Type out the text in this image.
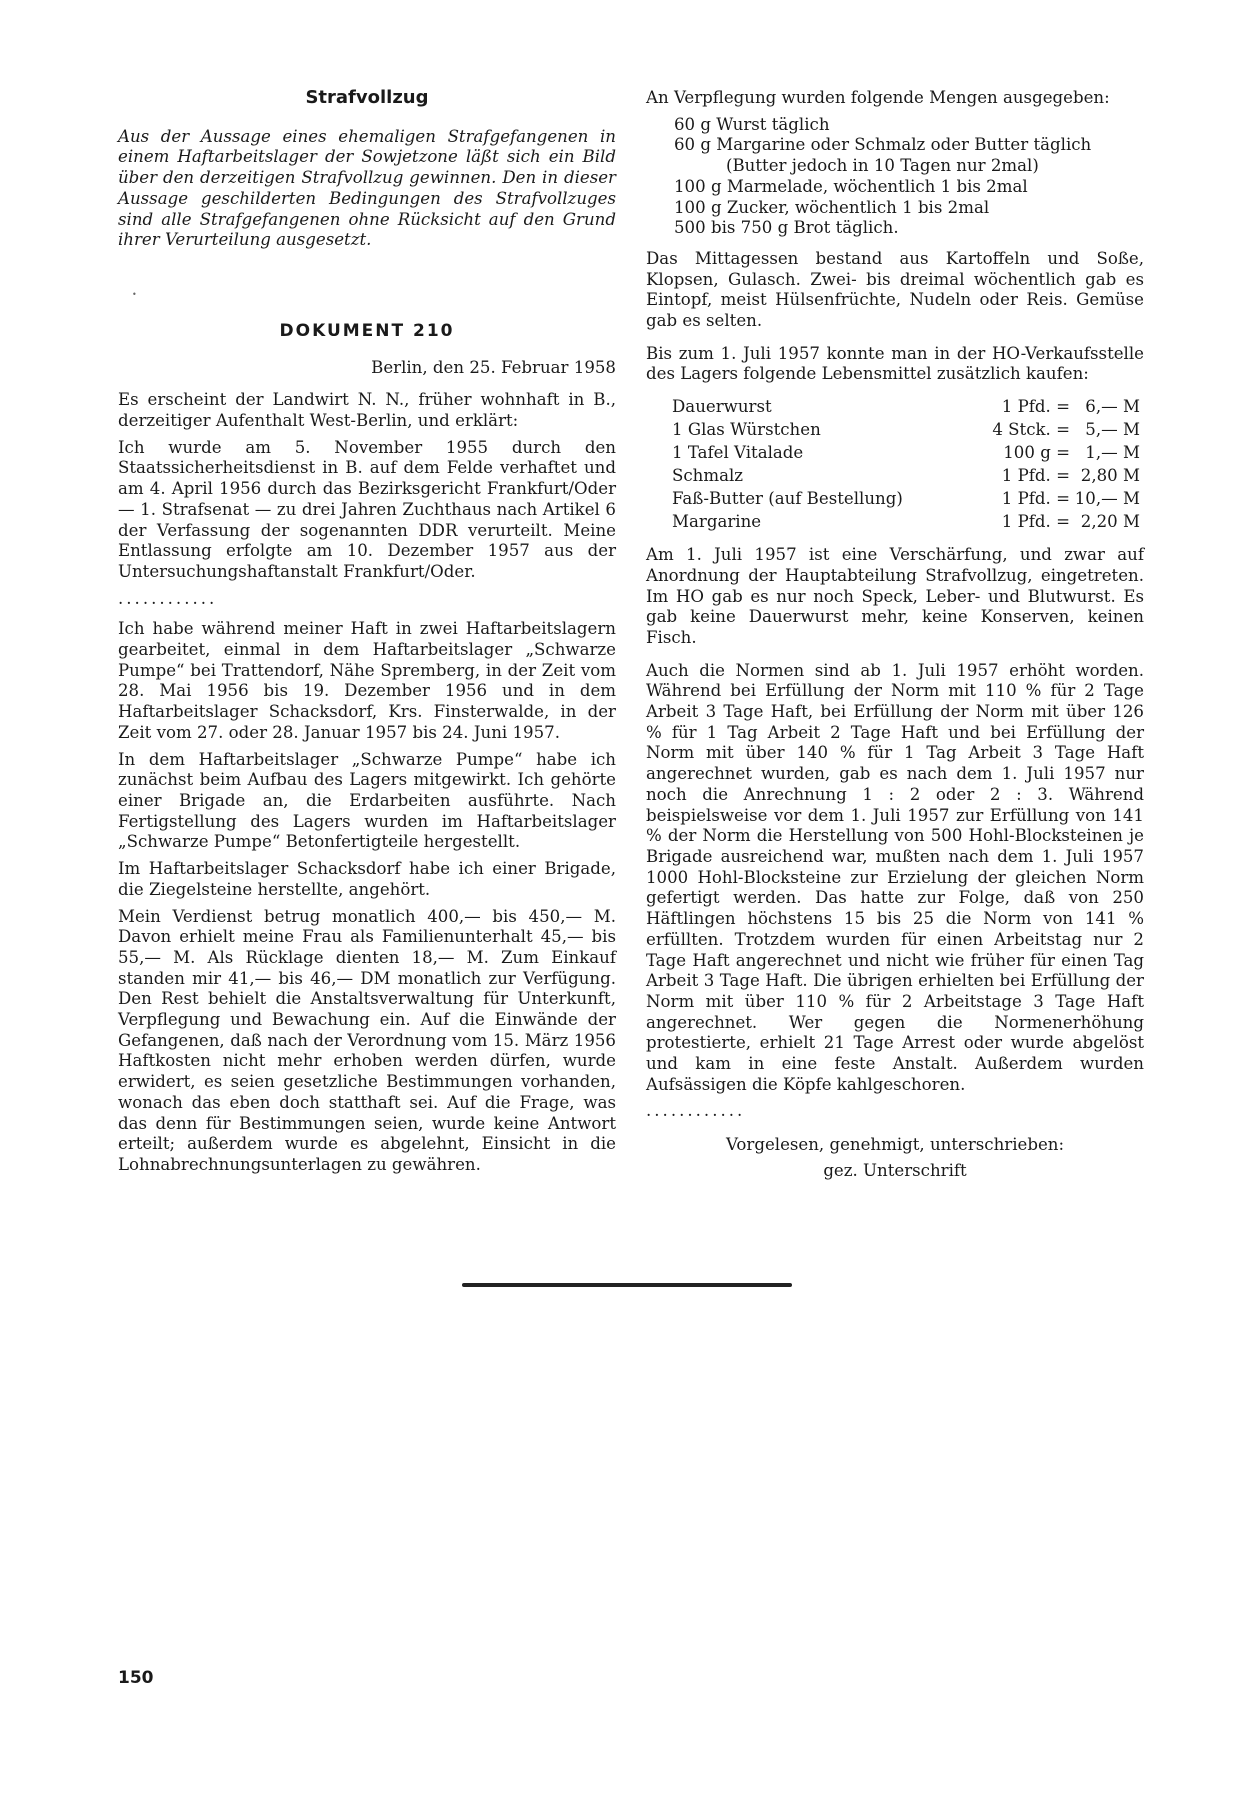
Strafvollzug

Aus der Aussage eines ehemaligen Strafgefangenen in einem Haftarbeitslager der Sowjetzone läßt sich ein Bild über den derzeitigen Strafvollzug gewinnen. Den in dieser Aussage geschilderten Bedingungen des Strafvollzuges sind alle Strafgefangenen ohne Rücksicht auf den Grund ihrer Verurteilung ausgesetzt.

•
DOKUMENT 210

Berlin, den 25. Februar 1958

Es erscheint der Landwirt N. N., früher wohnhaft in B., derzeitiger Aufenthalt West-Berlin, und erklärt:

Ich wurde am 5. November 1955 durch den Staatssicherheitsdienst in B. auf dem Felde verhaftet und am 4. April 1956 durch das Bezirksgericht Frankfurt/Oder — 1. Strafsenat — zu drei Jahren Zuchthaus nach Artikel 6 der Verfassung der sogenannten DDR verurteilt. Meine Entlassung erfolgte am 10. Dezember 1957 aus der Untersuchungshaftanstalt Frankfurt/Oder.

............

Ich habe während meiner Haft in zwei Haftarbeitslagern gearbeitet, einmal in dem Haftarbeitslager „Schwarze Pumpe“ bei Trattendorf, Nähe Spremberg, in der Zeit vom 28. Mai 1956 bis 19. Dezember 1956 und in dem Haftarbeitslager Schacksdorf, Krs. Finsterwalde, in der Zeit vom 27. oder 28. Januar 1957 bis 24. Juni 1957.

In dem Haftarbeitslager „Schwarze Pumpe“ habe ich zunächst beim Aufbau des Lagers mitgewirkt. Ich gehörte einer Brigade an, die Erdarbeiten ausführte. Nach Fertigstellung des Lagers wurden im Haftarbeitslager „Schwarze Pumpe“ Betonfertigteile hergestellt.

Im Haftarbeitslager Schacksdorf habe ich einer Brigade, die Ziegelsteine herstellte, angehört.

Mein Verdienst betrug monatlich 400,— bis 450,— M. Davon erhielt meine Frau als Familienunterhalt 45,— bis 55,— M. Als Rücklage dienten 18,— M. Zum Einkauf standen mir 41,— bis 46,— DM monatlich zur Verfügung. Den Rest behielt die Anstaltsverwaltung für Unterkunft, Verpflegung und Bewachung ein. Auf die Einwände der Gefangenen, daß nach der Verordnung vom 15. März 1956 Haftkosten nicht mehr erhoben werden dürfen, wurde erwidert, es seien gesetzliche Bestimmungen vorhanden, wonach das eben doch statthaft sei. Auf die Frage, was das denn für Bestimmungen seien, wurde keine Antwort erteilt; außerdem wurde es abgelehnt, Einsicht in die Lohnabrechnungsunterlagen zu gewähren.

An Verpflegung wurden folgende Mengen ausgegeben:

60 g Wurst täglich
60 g Margarine oder Schmalz oder Butter täglich
(Butter jedoch in 10 Tagen nur 2mal)
100 g Marmelade, wöchentlich 1 bis 2mal
100 g Zucker, wöchentlich 1 bis 2mal
500 bis 750 g Brot täglich.

Das Mittagessen bestand aus Kartoffeln und Soße, Klopsen, Gulasch. Zwei- bis dreimal wöchentlich gab es Eintopf, meist Hülsenfrüchte, Nudeln oder Reis. Gemüse gab es selten.

Bis zum 1. Juli 1957 konnte man in der HO-Verkaufsstelle des Lagers folgende Lebensmittel zusätzlich kaufen:

Dauerwurst	1 Pfd. =	6,— M
1 Glas Würstchen	4 Stck. =	5,— M
1 Tafel Vitalade	100 g =	1,— M
Schmalz	1 Pfd. =	2,80 M
Faß-Butter (auf Bestellung)	1 Pfd. =	10,— M
Margarine	1 Pfd. =	2,20 M

Am 1. Juli 1957 ist eine Verschärfung, und zwar auf Anordnung der Hauptabteilung Strafvollzug, eingetreten. Im HO gab es nur noch Speck, Leber- und Blutwurst. Es gab keine Dauerwurst mehr, keine Konserven, keinen Fisch.

Auch die Normen sind ab 1. Juli 1957 erhöht worden. Während bei Erfüllung der Norm mit 110 % für 2 Tage Arbeit 3 Tage Haft, bei Erfüllung der Norm mit über 126 % für 1 Tag Arbeit 2 Tage Haft und bei Erfüllung der Norm mit über 140 % für 1 Tag Arbeit 3 Tage Haft angerechnet wurden, gab es nach dem 1. Juli 1957 nur noch die Anrechnung 1 : 2 oder 2 : 3. Während beispielsweise vor dem 1. Juli 1957 zur Erfüllung von 141 % der Norm die Herstellung von 500 Hohl-Blocksteinen je Brigade ausreichend war, mußten nach dem 1. Juli 1957 1000 Hohl-Blocksteine zur Erzielung der gleichen Norm gefertigt werden. Das hatte zur Folge, daß von 250 Häftlingen höchstens 15 bis 25 die Norm von 141 % erfüllten. Trotzdem wurden für einen Arbeitstag nur 2 Tage Haft angerechnet und nicht wie früher für einen Tag Arbeit 3 Tage Haft. Die übrigen erhielten bei Erfüllung der Norm mit über 110 % für 2 Arbeitstage 3 Tage Haft angerechnet. Wer gegen die Normenerhöhung protestierte, erhielt 21 Tage Arrest oder wurde abgelöst und kam in eine feste Anstalt. Außerdem wurden Aufsässigen die Köpfe kahlgeschoren.

............

Vorgelesen, genehmigt, unterschrieben:

gez. Unterschrift

150
